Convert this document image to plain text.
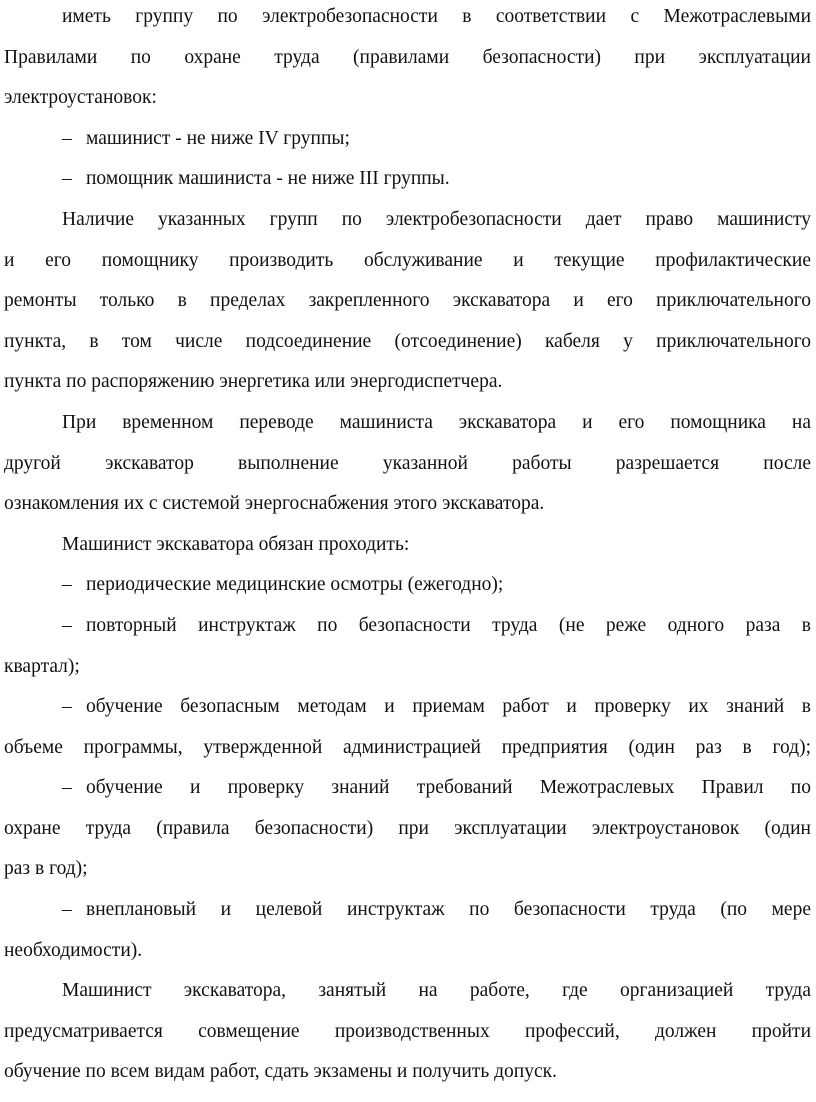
иметь группу по электробезопасности в соответствии с Межотраслевыми
Правилами по охране труда (правилами безопасности) при эксплуатации
электроустановок:
– машинист - не ниже IV группы;
– помощник машиниста - не ниже III группы.
Наличие указанных групп по электробезопасности дает право машинисту
и его помощнику производить обслуживание и текущие профилактические
ремонты только в пределах закрепленного экскаватора и его приключательного
пункта, в том числе подсоединение (отсоединение) кабеля у приключательного
пункта по распоряжению энергетика или энергодиспетчера.
При временном переводе машиниста экскаватора и его помощника на
другой экскаватор выполнение указанной работы разрешается после
ознакомления их с системой энергоснабжения этого экскаватора.
Машинист экскаватора обязан проходить:
– периодические медицинские осмотры (ежегодно);
– повторный инструктаж по безопасности труда (не реже одного раза в
квартал);
– обучение безопасным методам и приемам работ и проверку их знаний в
объеме программы, утвержденной администрацией предприятия (один раз в год);
– обучение и проверку знаний требований Межотраслевых Правил по
охране труда (правила безопасности) при эксплуатации электроустановок (один
раз в год);
– внеплановый и целевой инструктаж по безопасности труда (по мере
необходимости).
Машинист экскаватора, занятый на работе, где организацией труда
предусматривается совмещение производственных профессий, должен пройти
обучение по всем видам работ, сдать экзамены и получить допуск.
